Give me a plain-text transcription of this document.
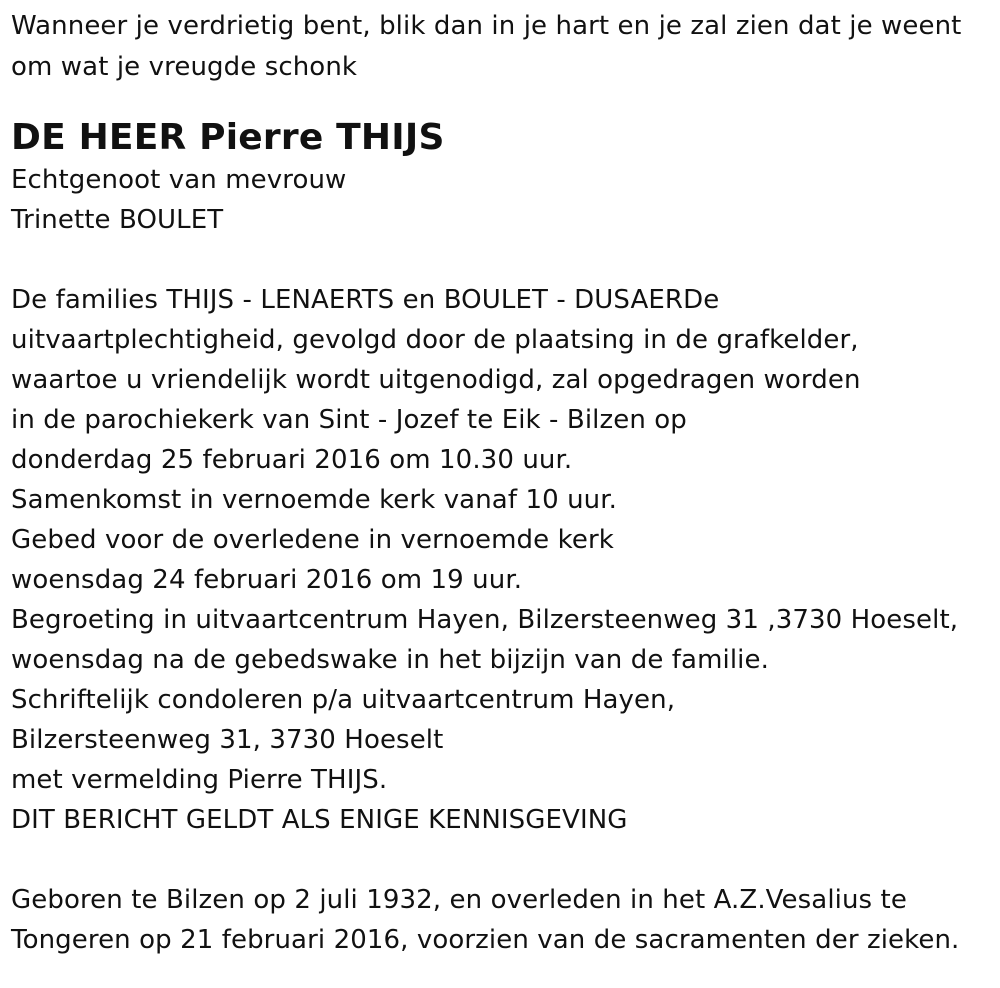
Wanneer je verdrietig bent, blik dan in je hart en je zal zien dat je weent
om wat je vreugde schonk
DE HEER Pierre THIJS
Echtgenoot van mevrouw
Trinette BOULET
De families THIJS - LENAERTS en BOULET - DUSAERDe
uitvaartplechtigheid, gevolgd door de plaatsing in de grafkelder,
waartoe u vriendelijk wordt uitgenodigd, zal opgedragen worden
in de parochiekerk van Sint - Jozef te Eik - Bilzen op
donderdag 25 februari 2016 om 10.30 uur.
Samenkomst in vernoemde kerk vanaf 10 uur.
Gebed voor de overledene in vernoemde kerk
woensdag 24 februari 2016 om 19 uur.
Begroeting in uitvaartcentrum Hayen, Bilzersteenweg 31 ,3730 Hoeselt,
woensdag na de gebedswake in het bijzijn van de familie.
Schriftelijk condoleren p/a uitvaartcentrum Hayen,
Bilzersteenweg 31, 3730 Hoeselt
met vermelding Pierre THIJS.
DIT BERICHT GELDT ALS ENIGE KENNISGEVING
Geboren te Bilzen op 2 juli 1932, en overleden in het A.Z.Vesalius te
Tongeren op 21 februari 2016, voorzien van de sacramenten der zieken.
